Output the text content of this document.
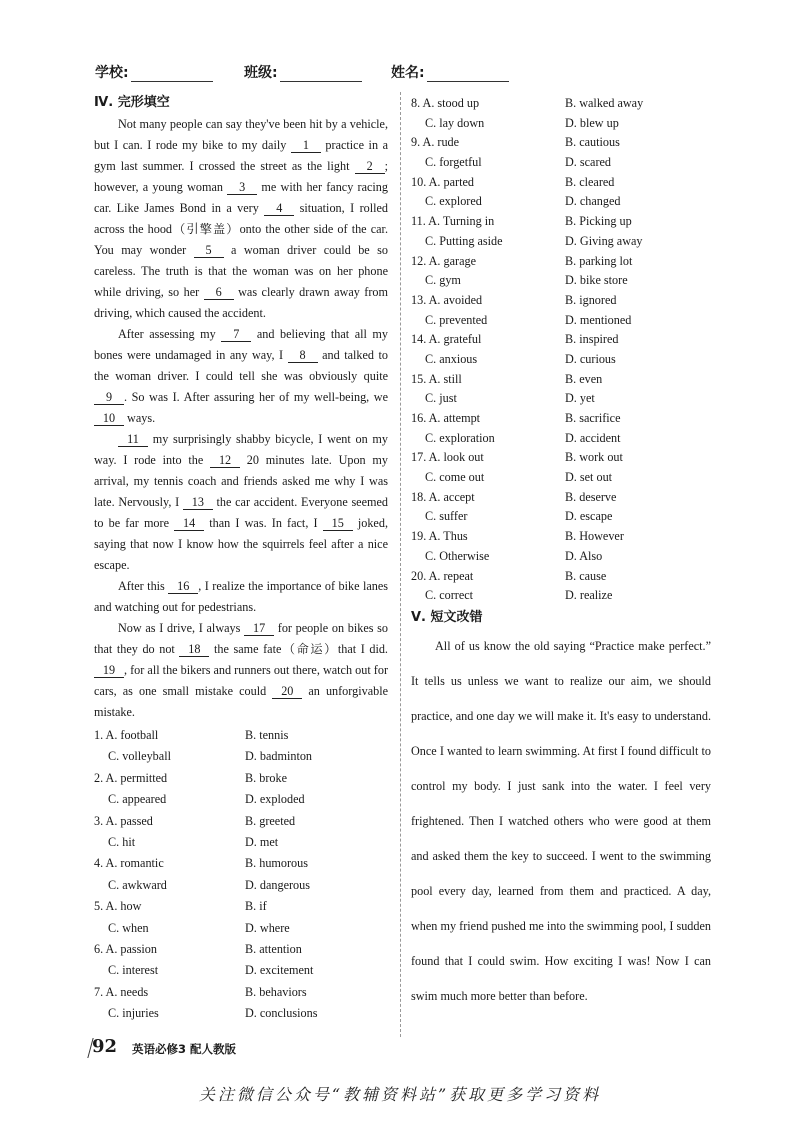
学校:	班级:	姓名:
Ⅳ. 完形填空

Not many people can say they've been hit by a vehicle, but I can. I rode my bike to my daily 1 practice in a gym last summer. I crossed the street as the light 2 ; however, a young woman 3 me with her fancy racing car. Like James Bond in a very 4 situation, I rolled across the hood（引擎盖）onto the other side of the car. You may wonder 5 a woman driver could be so careless. The truth is that the woman was on her phone while driving, so her 6 was clearly drawn away from driving, which caused the accident.

After assessing my 7 and believing that all my bones were undamaged in any way, I 8 and talked to the woman driver. I could tell she was obviously quite 9 . So was I. After assuring her of my well-being, we 10 ways.

11 my surprisingly shabby bicycle, I went on my way. I rode into the 12 20 minutes late. Upon my arrival, my tennis coach and friends asked me why I was late. Nervously, I 13 the car accident. Everyone seemed to be far more 14 than I was. In fact, I 15 joked, saying that now I know how the squirrels feel after a nice escape.

After this 16 , I realize the importance of bike lanes and watching out for pedestrians.

Now as I drive, I always 17 for people on bikes so that they do not 18 the same fate（命运）that I did. 19 , for all the bikers and runners out there, watch out for cars, as one small mistake could 20 an unforgivable mistake.

1. A. football	B. tennis
C. volleyball	D. badminton
2. A. permitted	B. broke
C. appeared	D. exploded
3. A. passed	B. greeted
C. hit	D. met
4. A. romantic	B. humorous
C. awkward	D. dangerous
5. A. how	B. if
C. when	D. where
6. A. passion	B. attention
C. interest	D. excitement
7. A. needs	B. behaviors
C. injuries	D. conclusions
8. A. stood up	B. walked away
C. lay down	D. blew up
9. A. rude	B. cautious
C. forgetful	D. scared
10. A. parted	B. cleared
C. explored	D. changed
11. A. Turning in	B. Picking up
C. Putting aside	D. Giving away
12. A. garage	B. parking lot
C. gym	D. bike store
13. A. avoided	B. ignored
C. prevented	D. mentioned
14. A. grateful	B. inspired
C. anxious	D. curious
15. A. still	B. even
C. just	D. yet
16. A. attempt	B. sacrifice
C. exploration	D. accident
17. A. look out	B. work out
C. come out	D. set out
18. A. accept	B. deserve
C. suffer	D. escape
19. A. Thus	B. However
C. Otherwise	D. Also
20. A. repeat	B. cause
C. correct	D. realize
Ⅴ. 短文改错

All of us know the old saying “Practice make perfect.” It tells us unless we want to realize our aim, we should practice, and one day we will make it. It's easy to understand. Once I wanted to learn swimming. At first I found difficult to control my body. I just sank into the water. I feel very frightened. Then I watched others who were good at them and asked them the key to succeed. I went to the swimming pool every day, learned from them and practiced. A day, when my friend pushed me into the swimming pool, I sudden found that I could swim. How exciting I was! Now I can swim much more better than before.

92 英语必修3 配人教版
关注微信公众号“教辅资料站”获取更多学习资料
